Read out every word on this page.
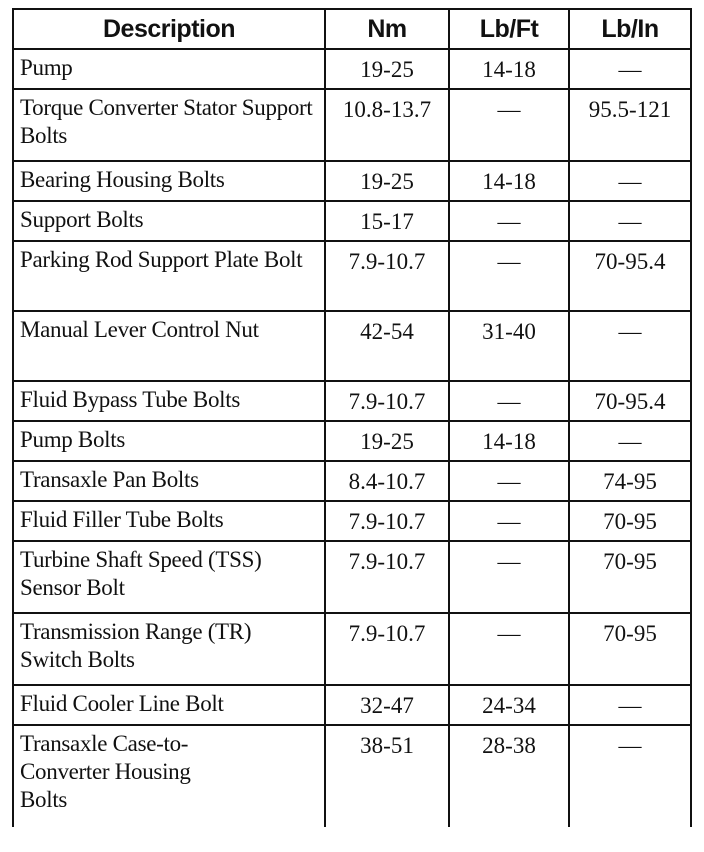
Description	Nm	Lb/Ft	Lb/In
Pump	19-25	14-18	—
Torque Converter Stator Support Bolts	10.8-13.7	—	95.5-121
Bearing Housing Bolts	19-25	14-18	—
Support Bolts	15-17	—	—
Parking Rod Support Plate Bolt	7.9-10.7	—	70-95.4
Manual Lever Control Nut	42-54	31-40	—
Fluid Bypass Tube Bolts	7.9-10.7	—	70-95.4
Pump Bolts	19-25	14-18	—
Transaxle Pan Bolts	8.4-10.7	—	74-95
Fluid Filler Tube Bolts	7.9-10.7	—	70-95
Turbine Shaft Speed (TSS) Sensor Bolt	7.9-10.7	—	70-95
Transmission Range (TR) Switch Bolts	7.9-10.7	—	70-95
Fluid Cooler Line Bolt	32-47	24-34	—
Transaxle Case-to-Converter Housing Bolts	38-51	28-38	—
